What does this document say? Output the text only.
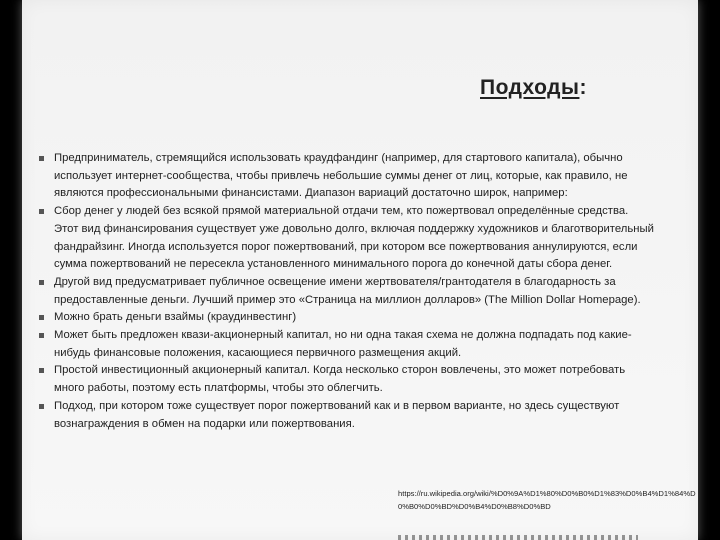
Подходы:
Предприниматель, стремящийся использовать краудфандинг (например, для стартового капитала), обычно использует интернет-сообщества, чтобы привлечь небольшие суммы денег от лиц, которые, как правило, не являются профессиональными финансистами. Диапазон вариаций достаточно широк, например:
Сбор денег у людей без всякой прямой материальной отдачи тем, кто пожертвовал определённые средства. Этот вид финансирования существует уже довольно долго, включая поддержку художников и благотворительный фандрайзинг. Иногда используется порог пожертвований, при котором все пожертвования аннулируются, если сумма пожертвований не пересекла установленного минимального порога до конечной даты сбора денег.
Другой вид предусматривает публичное освещение имени жертвователя/грантодателя в благодарность за предоставленные деньги. Лучший пример это «Страница на миллион долларов» (The Million Dollar Homepage).
Можно брать деньги взаймы (краудинвестинг)
Может быть предложен квази-акционерный капитал, но ни одна такая схема не должна подпадать под какие-нибудь финансовые положения, касающиеся первичного размещения акций.
Простой инвестиционный акционерный капитал. Когда несколько сторон вовлечены, это может потребовать много работы, поэтому есть платформы, чтобы это облегчить.
Подход, при котором тоже существует порог пожертвований как и в первом варианте, но здесь существуют вознаграждения в обмен на подарки или пожертвования.
https://ru.wikipedia.org/wiki/%D0%9A%D1%80%D0%B0%D1%83%D0%B4%D1%84%D0%B0%D0%BD%D0%B4%D0%B8%D0%BD
